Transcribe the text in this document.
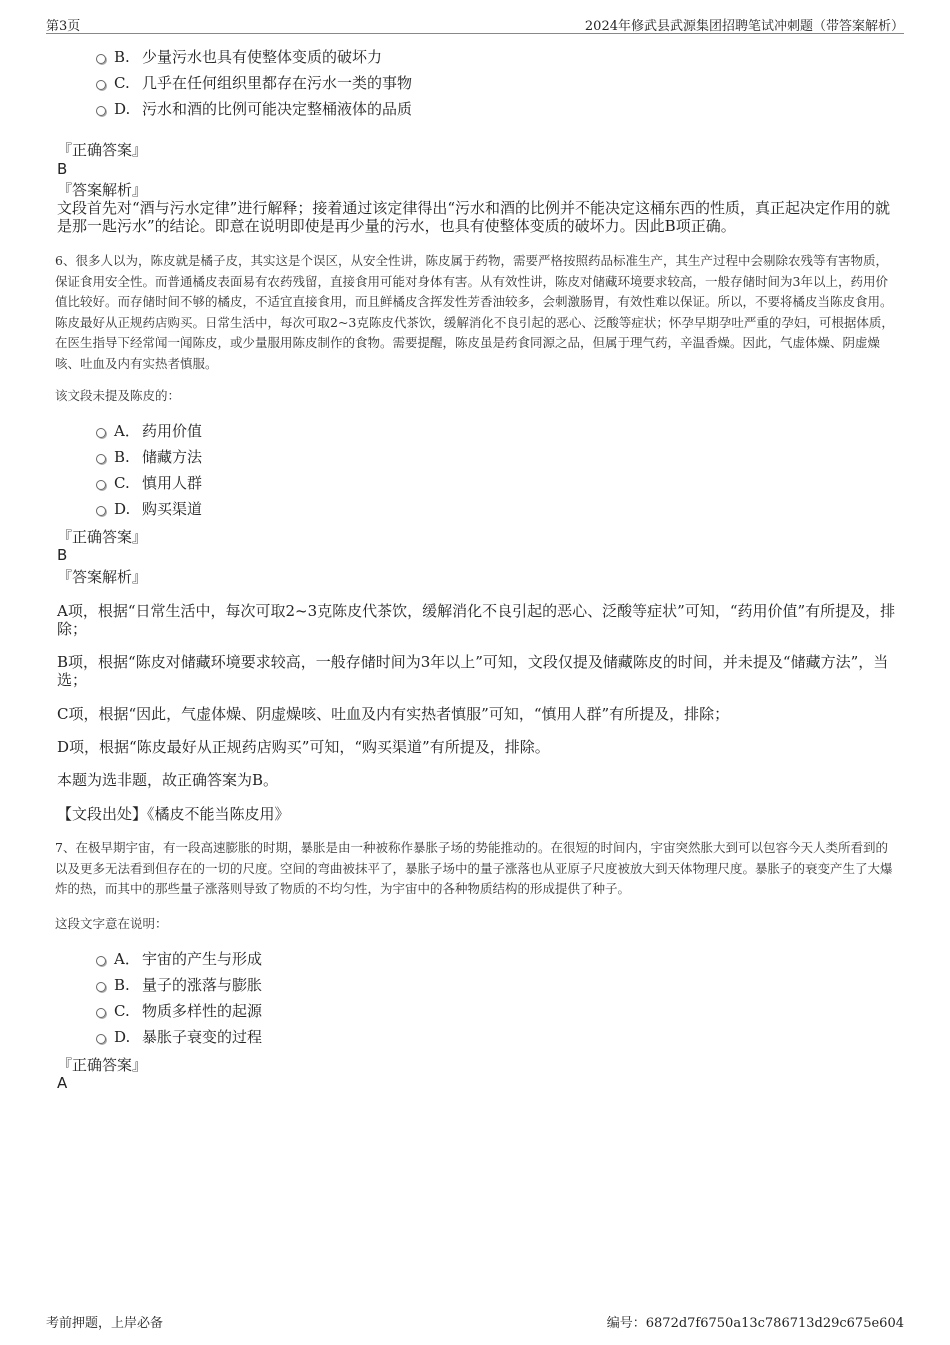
第3页	2024年修武县武源集团招聘笔试冲刺题（带答案解析）
B. 少量污水也具有使整体变质的破坏力
C. 几乎在任何组织里都存在污水一类的事物
D. 污水和酒的比例可能决定整桶液体的品质
『正确答案』
B
『答案解析』
文段首先对“酒与污水定律”进行解释；接着通过该定律得出“污水和酒的比例并不能决定这桶东西的性质，真正起决定作用的就是那一匙污水”的结论。即意在说明即使是再少量的污水，也具有使整体变质的破坏力。因此B项正确。
6、很多人以为，陈皮就是橘子皮，其实这是个误区，从安全性讲，陈皮属于药物，需要严格按照药品标准生产，其生产过程中会剔除农残等有害物质，保证食用安全性。而普通橘皮表面易有农药残留，直接食用可能对身体有害。从有效性讲，陈皮对储藏环境要求较高，一般存储时间为3年以上，药用价值比较好。而存储时间不够的橘皮，不适宜直接食用，而且鲜橘皮含挥发性芳香油较多，会刺激肠胃，有效性难以保证。所以，不要将橘皮当陈皮食用。陈皮最好从正规药店购买。日常生活中，每次可取2~3克陈皮代茶饮，缓解消化不良引起的恶心、泛酸等症状；怀孕早期孕吐严重的孕妇，可根据体质，在医生指导下经常闻一闻陈皮，或少量服用陈皮制作的食物。需要提醒，陈皮虽是药食同源之品，但属于理气药，辛温香燥。因此，气虚体燥、阴虚燥咳、吐血及内有实热者慎服。
该文段未提及陈皮的：
A． 药用价值
B. 储藏方法
C. 慎用人群
D. 购买渠道
『正确答案』
B
『答案解析』
A项，根据“日常生活中，每次可取2~3克陈皮代茶饮，缓解消化不良引起的恶心、泛酸等症状”可知，“药用价值”有所提及，排除；
B项，根据“陈皮对储藏环境要求较高，一般存储时间为3年以上”可知，文段仅提及储藏陈皮的时间，并未提及“储藏方法”，当选；
C项，根据“因此，气虚体燥、阴虚燥咳、吐血及内有实热者慎服”可知，“慎用人群”有所提及，排除；
D项，根据“陈皮最好从正规药店购买”可知，“购买渠道”有所提及，排除。
本题为选非题，故正确答案为B。
【文段出处】《橘皮不能当陈皮用》
7、在极早期宇宙，有一段高速膨胀的时期，暴胀是由一种被称作暴胀子场的势能推动的。在很短的时间内，宇宙突然胀大到可以包容今天人类所看到的以及更多无法看到但存在的一切的尺度。空间的弯曲被抹平了，暴胀子场中的量子涨落也从亚原子尺度被放大到天体物理尺度。暴胀子的衰变产生了大爆炸的热，而其中的那些量子涨落则导致了物质的不均匀性，为宇宙中的各种物质结构的形成提供了种子。
这段文字意在说明：
A． 宇宙的产生与形成
B. 量子的涨落与膨胀
C. 物质多样性的起源
D. 暴胀子衰变的过程
『正确答案』
A
考前押题，上岸必备	编号：6872d7f6750a13c786713d29c675e604
